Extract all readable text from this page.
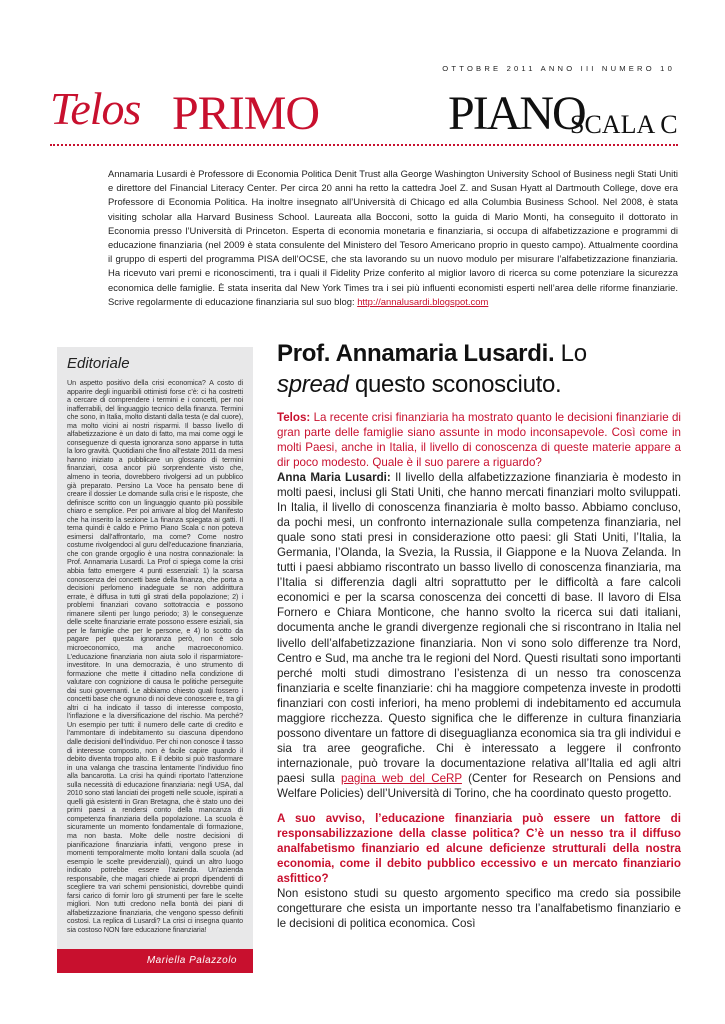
OTTOBRE 2011 ANNO III NUMERO 10
Telos PRIMO	PIANO
SCALA C
Annamaria Lusardi è Professore di Economia Politica Denit Trust alla George Washington University School of Business negli Stati Uniti e direttore del Financial Literacy Center. Per circa 20 anni ha retto la cattedra Joel Z. and Susan Hyatt al Dartmouth College, dove era Professore di Economia Politica. Ha inoltre insegnato all’Università di Chicago ed alla Columbia Business School. Nel 2008, è stata visiting scholar alla Harvard Business School. Laureata alla Bocconi, sotto la guida di Mario Monti, ha conseguito il dottorato in Economia presso l’Università di Princeton. Esperta di economia monetaria e finanziaria, si occupa di alfabetizzazione e programmi di educazione finanziaria (nel 2009 è stata consulente del Ministero del Tesoro Americano proprio in questo campo). Attualmente coordina il gruppo di esperti del programma PISA dell’OCSE, che sta lavorando su un nuovo modulo per misurare l’alfabetizzazione finanziaria. Ha ricevuto vari premi e riconoscimenti, tra i quali il Fidelity Prize conferito al miglior lavoro di ricerca su come potenziare la sicurezza economica delle famiglie. È stata inserita dal New York Times tra i sei più influenti economisti esperti nell’area delle riforme finanziarie. Scrive regolarmente di educazione finanziaria sul suo blog: http://annalusardi.blogspot.com
Editoriale
Un aspetto positivo della crisi economica? A costo di apparire degli inguaribili ottimisti forse c’è: ci ha costretti a cercare di comprendere i termini e i concetti, per noi inafferrabili, del linguaggio tecnico della finanza. Termini che sono, in Italia, molto distanti dalla testa (e dal cuore), ma molto vicini ai nostri risparmi. Il basso livello di alfabetizzazione è un dato di fatto, ma mai come oggi le conseguenze di questa ignoranza sono apparse in tutta la loro gravità. Quotidiani che fino all’estate 2011 da mesi hanno iniziato a pubblicare un glossario di termini finanziari, cosa ancor più sorprendente visto che, almeno in teoria, dovrebbero rivolgersi ad un pubblico già preparato. Persino La Voce ha pensato bene di creare il dossier Le domande sulla crisi e le risposte, che definisce scritto con un linguaggio quanto più possibile chiaro e semplice. Per poi arrivare al blog del Manifesto che ha inserito la sezione La finanza spiegata ai gatti. Il tema quindi è caldo e Primo Piano Scala c non poteva esimersi dall’affrontarlo, ma come? Come nostro costume rivolgendoci al guru dell’educazione finanziaria, che con grande orgoglio è una nostra connazionale: la Prof. Annamaria Lusardi. La Prof ci spiega come la crisi abbia fatto emergere 4 punti essenziali: 1) la scarsa conoscenza dei concetti base della finanza, che porta a decisioni perlomeno inadeguate se non addirittura errate, è diffusa in tutti gli strati della popolazione; 2) i problemi finanziari covano sottotraccia e possono rimanere silenti per lungo periodo; 3) le conseguenze delle scelte finanziarie errate possono essere esiziali, sia per le famiglie che per le persone, e 4) lo scotto da pagare per questa ignoranza però, non è solo microeconomico, ma anche macroeconomico. L’educazione finanziaria non aiuta solo il risparmiatore-investitore. In una democrazia, è uno strumento di formazione che mette il cittadino nella condizione di valutare con cognizione di causa le politiche perseguite dai suoi governanti. Le abbiamo chiesto quali fossero i concetti base che ognuno di noi deve conoscere e, tra gli altri ci ha indicato il tasso di interesse composto, l’inflazione e la diversificazione del rischio. Ma perché? Un esempio per tutti: il numero delle carte di credito e l’ammontare di indebitamento su ciascuna dipendono dalle decisioni dell’individuo. Per chi non conosce il tasso di interesse composto, non è facile capire quando il debito diventa troppo alto. E il debito si può trasformare in una valanga che trascina lentamente l’individuo fino alla bancarotta. La crisi ha quindi riportato l’attenzione sulla necessità di educazione finanziaria: negli USA, dal 2010 sono stati lanciati dei progetti nelle scuole, ispirati a quelli già esistenti in Gran Bretagna, che è stato uno dei primi paesi a rendersi conto della mancanza di competenza finanziaria della popolazione. La scuola è sicuramente un momento fondamentale di formazione, ma non basta. Molte delle nostre decisioni di pianificazione finanziaria infatti, vengono prese in momenti temporalmente molto lontani dalla scuola (ad esempio le scelte previdenziali), quindi un altro luogo indicato potrebbe essere l’azienda. Un’azienda responsabile, che magari chiede ai propri dipendenti di scegliere tra vari schemi pensionistici, dovrebbe quindi farsi carico di fornir loro gli strumenti per fare le scelte migliori. Non tutti credono nella bontà dei piani di alfabetizzazione finanziaria, che vengono spesso definiti costosi. La replica di Lusardi? La crisi ci insegna quanto sia costoso NON fare educazione finanziaria!
Mariella Palazzolo
Prof. Annamaria Lusardi. Lo
spread questo sconosciuto.
Telos: La recente crisi finanziaria ha mostrato quanto le decisioni finanziarie di gran parte delle famiglie siano assunte in modo inconsapevole. Così come in molti Paesi, anche in Italia, il livello di conoscenza di queste materie appare a dir poco modesto. Quale è il suo parere a riguardo?
Anna Maria Lusardi: Il livello della alfabetizzazione finanziaria è modesto in molti paesi, inclusi gli Stati Uniti, che hanno mercati finanziari molto sviluppati. In Italia, il livello di conoscenza finanziaria è molto basso. Abbiamo concluso, da pochi mesi, un confronto internazionale sulla competenza finanziaria, nel quale sono stati presi in considerazione otto paesi: gli Stati Uniti, l’Italia, la Germania, l’Olanda, la Svezia, la Russia, il Giappone e la Nuova Zelanda. In tutti i paesi abbiamo riscontrato un basso livello di conoscenza finanziaria, ma l’Italia si differenzia dagli altri soprattutto per le difficoltà a fare calcoli economici e per la scarsa conoscenza dei concetti di base. Il lavoro di Elsa Fornero e Chiara Monticone, che hanno svolto la ricerca sui dati italiani, documenta anche le grandi divergenze regionali che si riscontrano in Italia nel livello dell’alfabetizzazione finanziaria. Non vi sono solo differenze tra Nord, Centro e Sud, ma anche tra le regioni del Nord. Questi risultati sono importanti perché molti studi dimostrano l’esistenza di un nesso tra conoscenza finanziaria e scelte finanziarie: chi ha maggiore competenza investe in prodotti finanziari con costi inferiori, ha meno problemi di indebitamento ed accumula maggiore ricchezza. Questo significa che le differenze in cultura finanziaria possono diventare un fattore di diseguaglianza economica sia tra gli individui e sia tra aree geografiche. Chi è interessato a leggere il confronto internazionale, può trovare la documentazione relativa all’Italia ed agli altri paesi sulla pagina web del CeRP (Center for Research on Pensions and Welfare Policies) dell’Università di Torino, che ha coordinato questo progetto.
A suo avviso, l’educazione finanziaria può essere un fattore di responsabilizzazione della classe politica? C’è un nesso tra il diffuso analfabetismo finanziario ed alcune deficienze strutturali della nostra economia, come il debito pubblico eccessivo e un mercato finanziario asfittico?
Non esistono studi su questo argomento specifico ma credo sia possibile congetturare che esista un importante nesso tra l’analfabetismo finanziario e le decisioni di politica economica. Così
